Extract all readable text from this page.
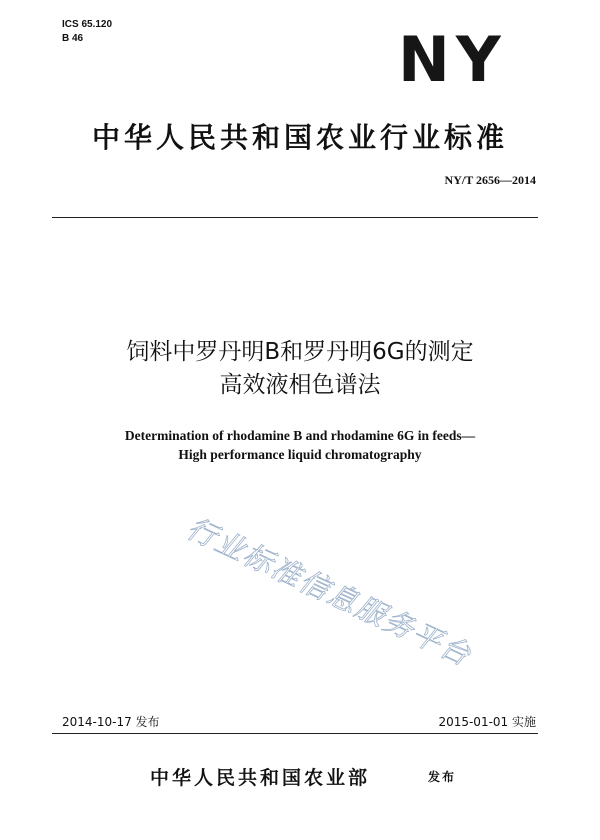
ICS 65.120
B 46	NY
中华人民共和国农业行业标准
NY/T 2656—2014
饲料中罗丹明B和罗丹明6G的测定
高效液相色谱法
Determination of rhodamine B and rhodamine 6G in feeds—
High performance liquid chromatography
行业标准信息服务平台
2014-10-17 发布	2015-01-01 实施
中华人民共和国农业部	发布
